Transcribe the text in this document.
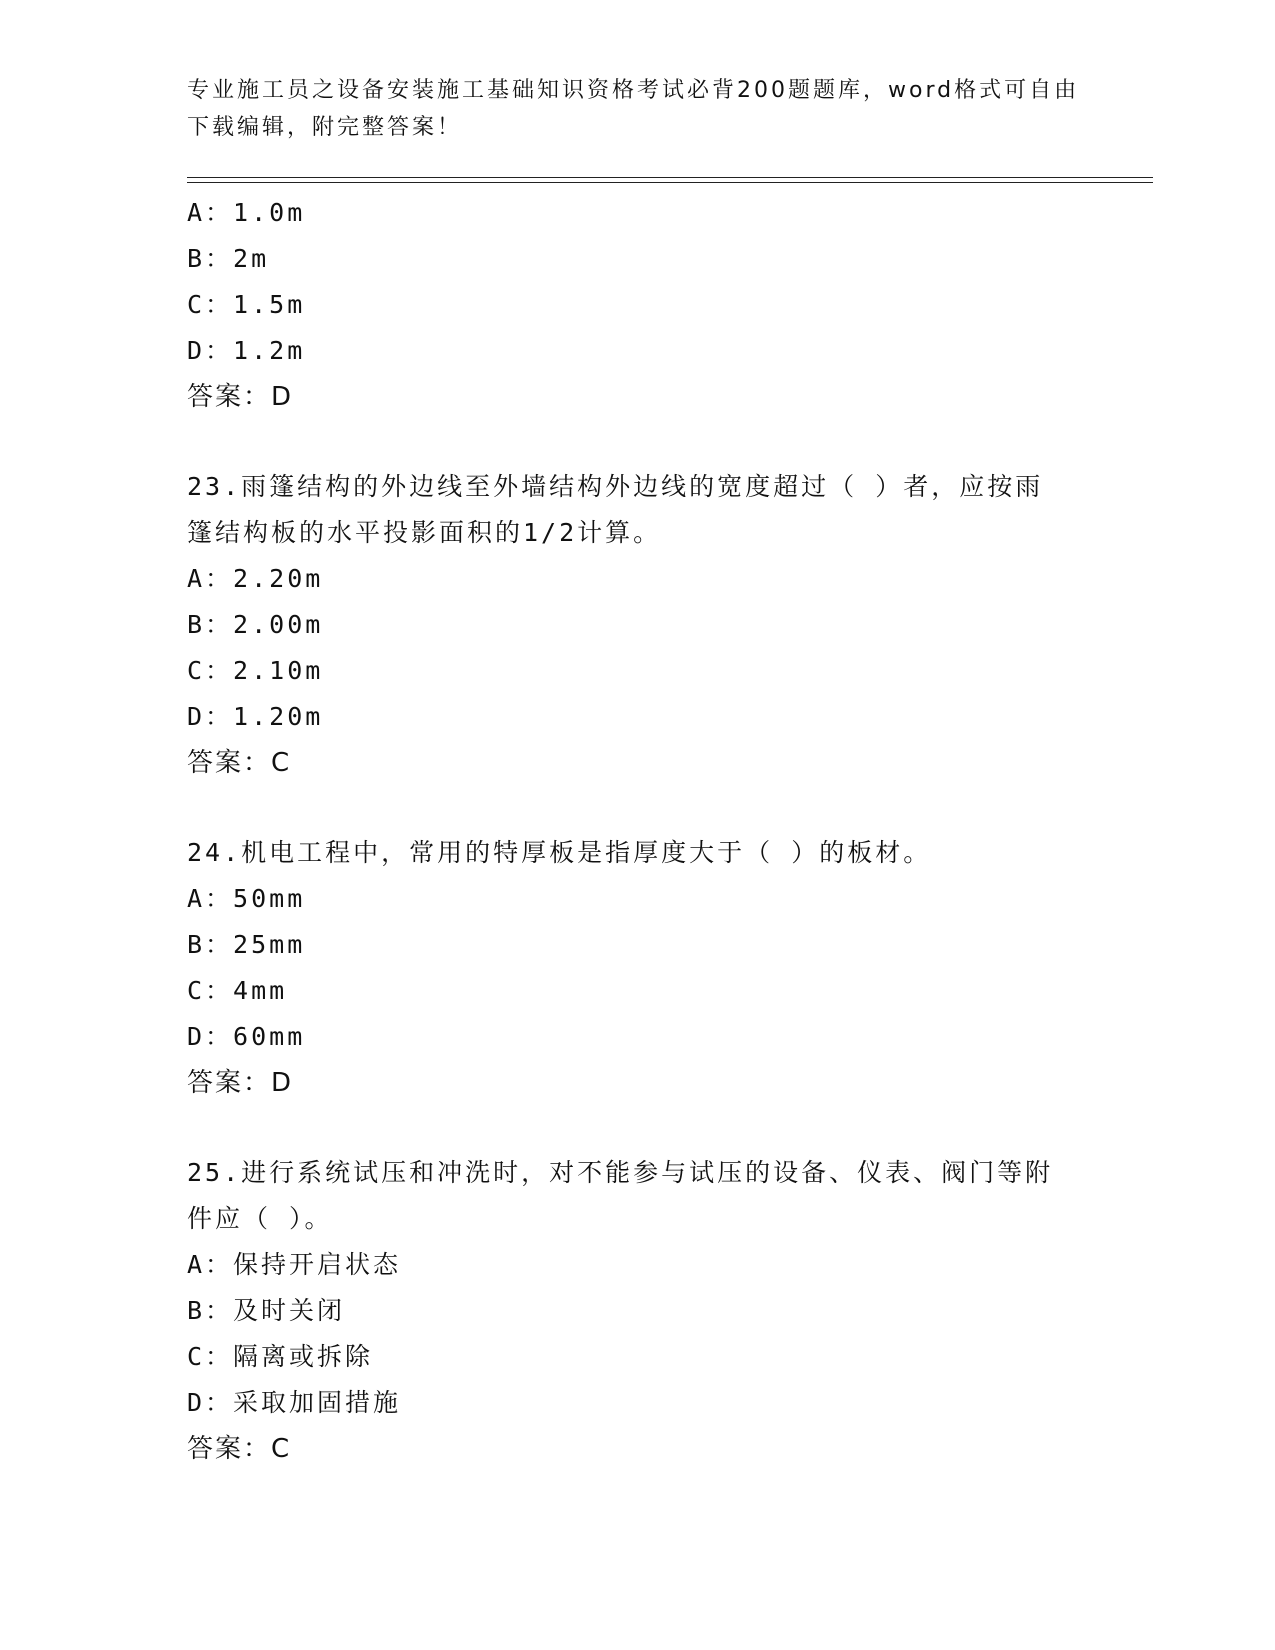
专业施工员之设备安装施工基础知识资格考试必背200题题库，word格式可自由
下载编辑，附完整答案！
A：1.0m
B：2m
C：1.5m
D：1.2m
答案：D
23.雨篷结构的外边线至外墙结构外边线的宽度超过（ ）者，应按雨
篷结构板的水平投影面积的1/2计算。
A：2.20m
B：2.00m
C：2.10m
D：1.20m
答案：C
24.机电工程中，常用的特厚板是指厚度大于（ ）的板材。
A：50mm
B：25mm
C：4mm
D：60mm
答案：D
25.进行系统试压和冲洗时，对不能参与试压的设备、仪表、阀门等附
件应（ ）。
A：保持开启状态
B：及时关闭
C：隔离或拆除
D：采取加固措施
答案：C
